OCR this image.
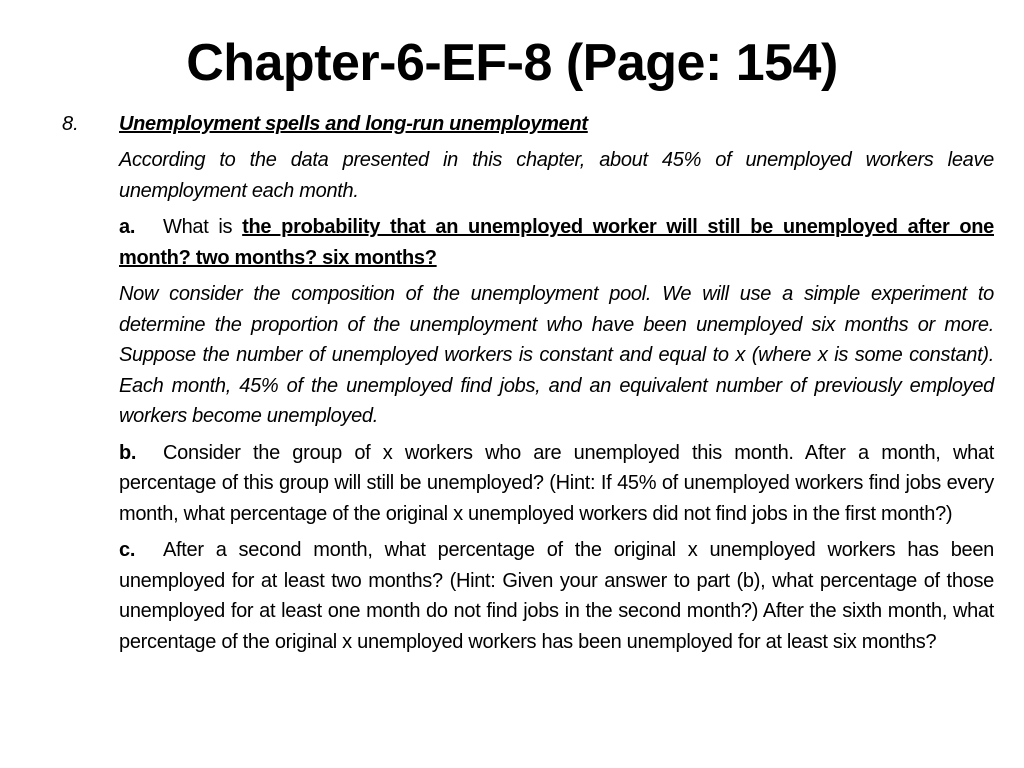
Chapter-6-EF-8 (Page: 154)
8. Unemployment spells and long-run unemployment

According to the data presented in this chapter, about 45% of unemployed workers leave unemployment each month.

a. What is the probability that an unemployed worker will still be unemployed after one month? two months? six months?

Now consider the composition of the unemployment pool. We will use a simple experiment to determine the proportion of the unemployment who have been unemployed six months or more. Suppose the number of unemployed workers is constant and equal to x (where x is some constant). Each month, 45% of the unemployed find jobs, and an equivalent number of previously employed workers become unemployed.

b. Consider the group of x workers who are unemployed this month. After a month, what percentage of this group will still be unemployed? (Hint: If 45% of unemployed workers find jobs every month, what percentage of the original x unemployed workers did not find jobs in the first month?)

c. After a second month, what percentage of the original x unemployed workers has been unemployed for at least two months? (Hint: Given your answer to part (b), what percentage of those unemployed for at least one month do not find jobs in the second month?) After the sixth month, what percentage of the original x unemployed workers has been unemployed for at least six months?
